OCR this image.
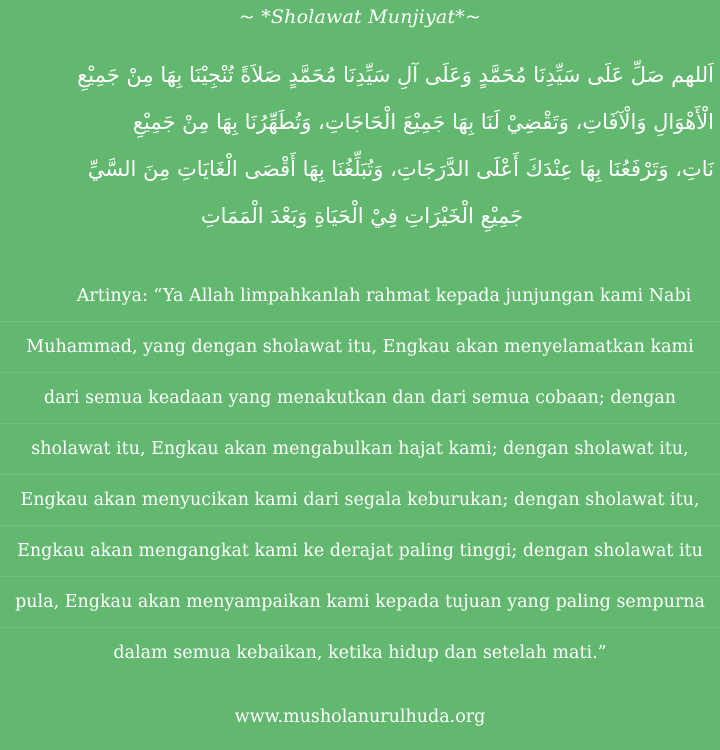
~ *Sholawat Munjiyat*~
اَللهم صَلِّ عَلَى سَيِّدِنَا مُحَمَّدٍ وَعَلَى آلِ سَيِّدِنَا مُحَمَّدٍ صَلاَةً تُنْجِيْنَا بِهَا مِنْ جَمِيْعِ
الْأَهْوَالِ وَالْآفَاتِ، وَتَقْضِيْ لَنَا بِهَا جَمِيْعَ الْحَاجَاتِ، وَتُطَهِّرُنَا بِهَا مِنْ جَمِيْعِ
نَاتِ، وَتَرْفَعُنَا بِهَا عِنْدَكَ أَعْلَى الدَّرَجَاتِ، وَتُبَلِّغُنَا بِهَا أَقْصَى الْغَايَاتِ مِنَ السَّيِّ
جَمِيْعِ الْخَيْرَاتِ فِيْ الْحَيَاةِ وَبَعْدَ الْمَمَاتِ
Artinya: “Ya Allah limpahkanlah rahmat kepada junjungan kami Nabi
Muhammad, yang dengan sholawat itu, Engkau akan menyelamatkan kami
dari semua keadaan yang menakutkan dan dari semua cobaan; dengan
sholawat itu, Engkau akan mengabulkan hajat kami; dengan sholawat itu,
Engkau akan menyucikan kami dari segala keburukan; dengan sholawat itu,
Engkau akan mengangkat kami ke derajat paling tinggi; dengan sholawat itu
pula, Engkau akan menyampaikan kami kepada tujuan yang paling sempurna
dalam semua kebaikan, ketika hidup dan setelah mati.”
www.musholanurulhuda.org
